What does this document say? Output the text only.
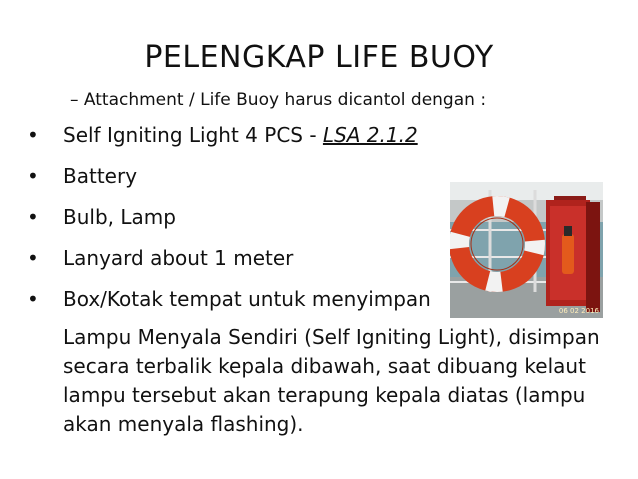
PELENGKAP LIFE BUOY
– Attachment / Life Buoy harus dicantol dengan :
• Self Igniting Light 4 PCS - LSA 2.1.2
• Battery
• Bulb, Lamp
• Lanyard about 1 meter
• Box/Kotak tempat untuk menyimpan

Lampu Menyala Sendiri (Self Igniting Light), disimpan secara terbalik kepala dibawah, saat dibuang kelaut lampu tersebut akan terapung kepala diatas (lampu akan menyala flashing).

06 02 2016
